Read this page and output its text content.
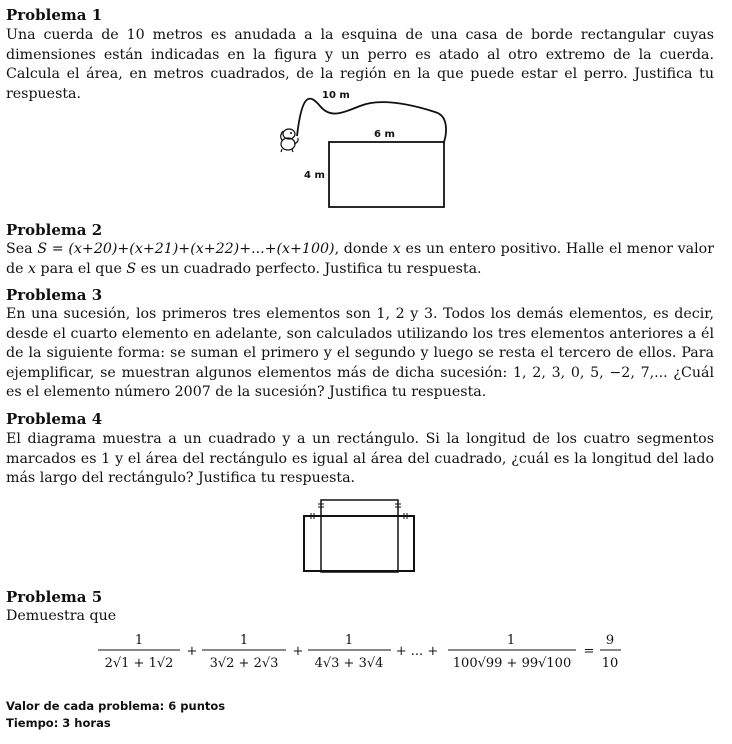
Problema 1
Una cuerda de 10 metros es anudada a la esquina de una casa de borde rectangular cuyas dimensiones están indicadas en la figura y un perro es atado al otro extremo de la cuerda. Calcula el área, en metros cuadrados, de la región en la que puede estar el perro. Justifica tu respuesta.	10 m
6 m
4 m
Problema 2
Sea S = (x+20)+(x+21)+(x+22)+...+(x+100), donde x es un entero positivo. Halle el menor valor de x para el que S es un cuadrado perfecto. Justifica tu respuesta.
Problema 3
En una sucesión, los primeros tres elementos son 1, 2 y 3. Todos los demás elementos, es decir, desde el cuarto elemento en adelante, son calculados utilizando los tres elementos anteriores a él de la siguiente forma: se suman el primero y el segundo y luego se resta el tercero de ellos. Para ejemplificar, se muestran algunos elementos más de dicha sucesión: 1, 2, 3, 0, 5, −2, 7,... ¿Cuál es el elemento número 2007 de la sucesión? Justifica tu respuesta.
Problema 4
El diagrama muestra a un cuadrado y a un rectángulo. Si la longitud de los cuatro segmentos marcados es 1 y el área del rectángulo es igual al área del cuadrado, ¿cuál es la longitud del lado más largo del rectángulo? Justifica tu respuesta.
Problema 5
Demuestra que
1
2√1 + 1√2
+
1
3√2 + 2√3
+
1
4√3 + 3√4
+ ... +
1
100√99 + 99√100
=
9
10
Valor de cada problema: 6 puntos
Tiempo: 3 horas
